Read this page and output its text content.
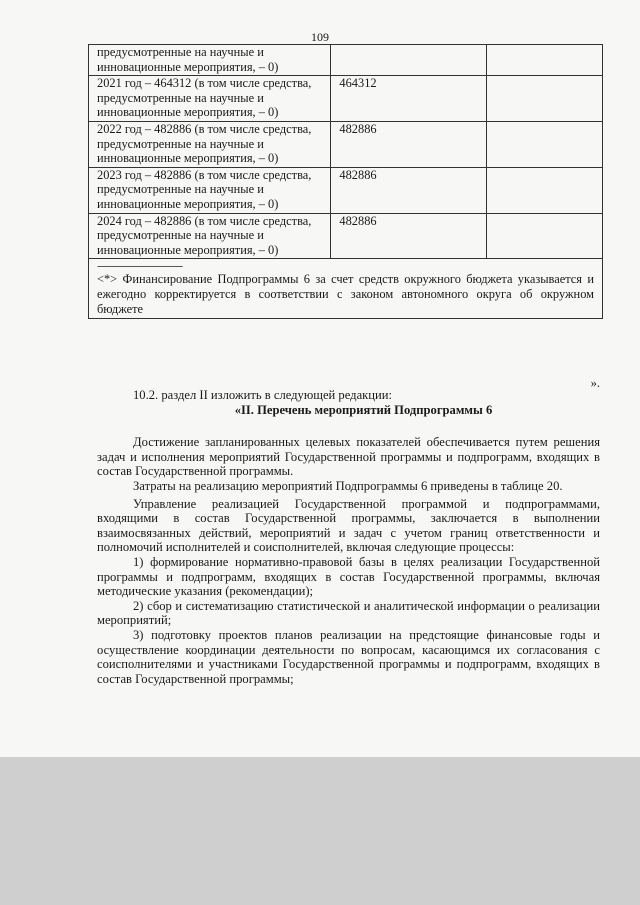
109
предусмотренные на научные и инновационные мероприятия, – 0)		
2021 год – 464312 (в том числе средства, предусмотренные на научные и инновационные мероприятия, – 0)	464312	
2022 год – 482886 (в том числе средства, предусмотренные на научные и инновационные мероприятия, – 0)	482886	
2023 год – 482886 (в том числе средства, предусмотренные на научные и инновационные мероприятия, – 0)	482886	
2024 год – 482886 (в том числе средства, предусмотренные на научные и инновационные мероприятия, – 0)	482886	

--------------------------------
<*> Финансирование Подпрограммы 6 за счет средств окружного бюджета указывается и ежегодно корректируется в соответствии с законом автономного округа об окружном бюджете		
».

10.2. раздел II изложить в следующей редакции:

«II. Перечень мероприятий Подпрограммы 6

Достижение запланированных целевых показателей обеспечивается путем решения задач и исполнения мероприятий Государственной программы и подпрограмм, входящих в состав Государственной программы.

Затраты на реализацию мероприятий Подпрограммы 6 приведены в таблице 20.

Управление реализацией Государственной программой и подпрограммами, входящими в состав Государственной программы, заключается в выполнении взаимосвязанных действий, мероприятий и задач с учетом границ ответственности и полномочий исполнителей и соисполнителей, включая следующие процессы:

1) формирование нормативно-правовой базы в целях реализации Государственной программы и подпрограмм, входящих в состав Государственной программы, включая методические указания (рекомендации);

2) сбор и систематизацию статистической и аналитической информации о реализации мероприятий;

3) подготовку проектов планов реализации на предстоящие финансовые годы и осуществление координации деятельности по вопросам, касающимся их согласования с соисполнителями и участниками Государственной программы и подпрограмм, входящих в состав Государственной программы;
